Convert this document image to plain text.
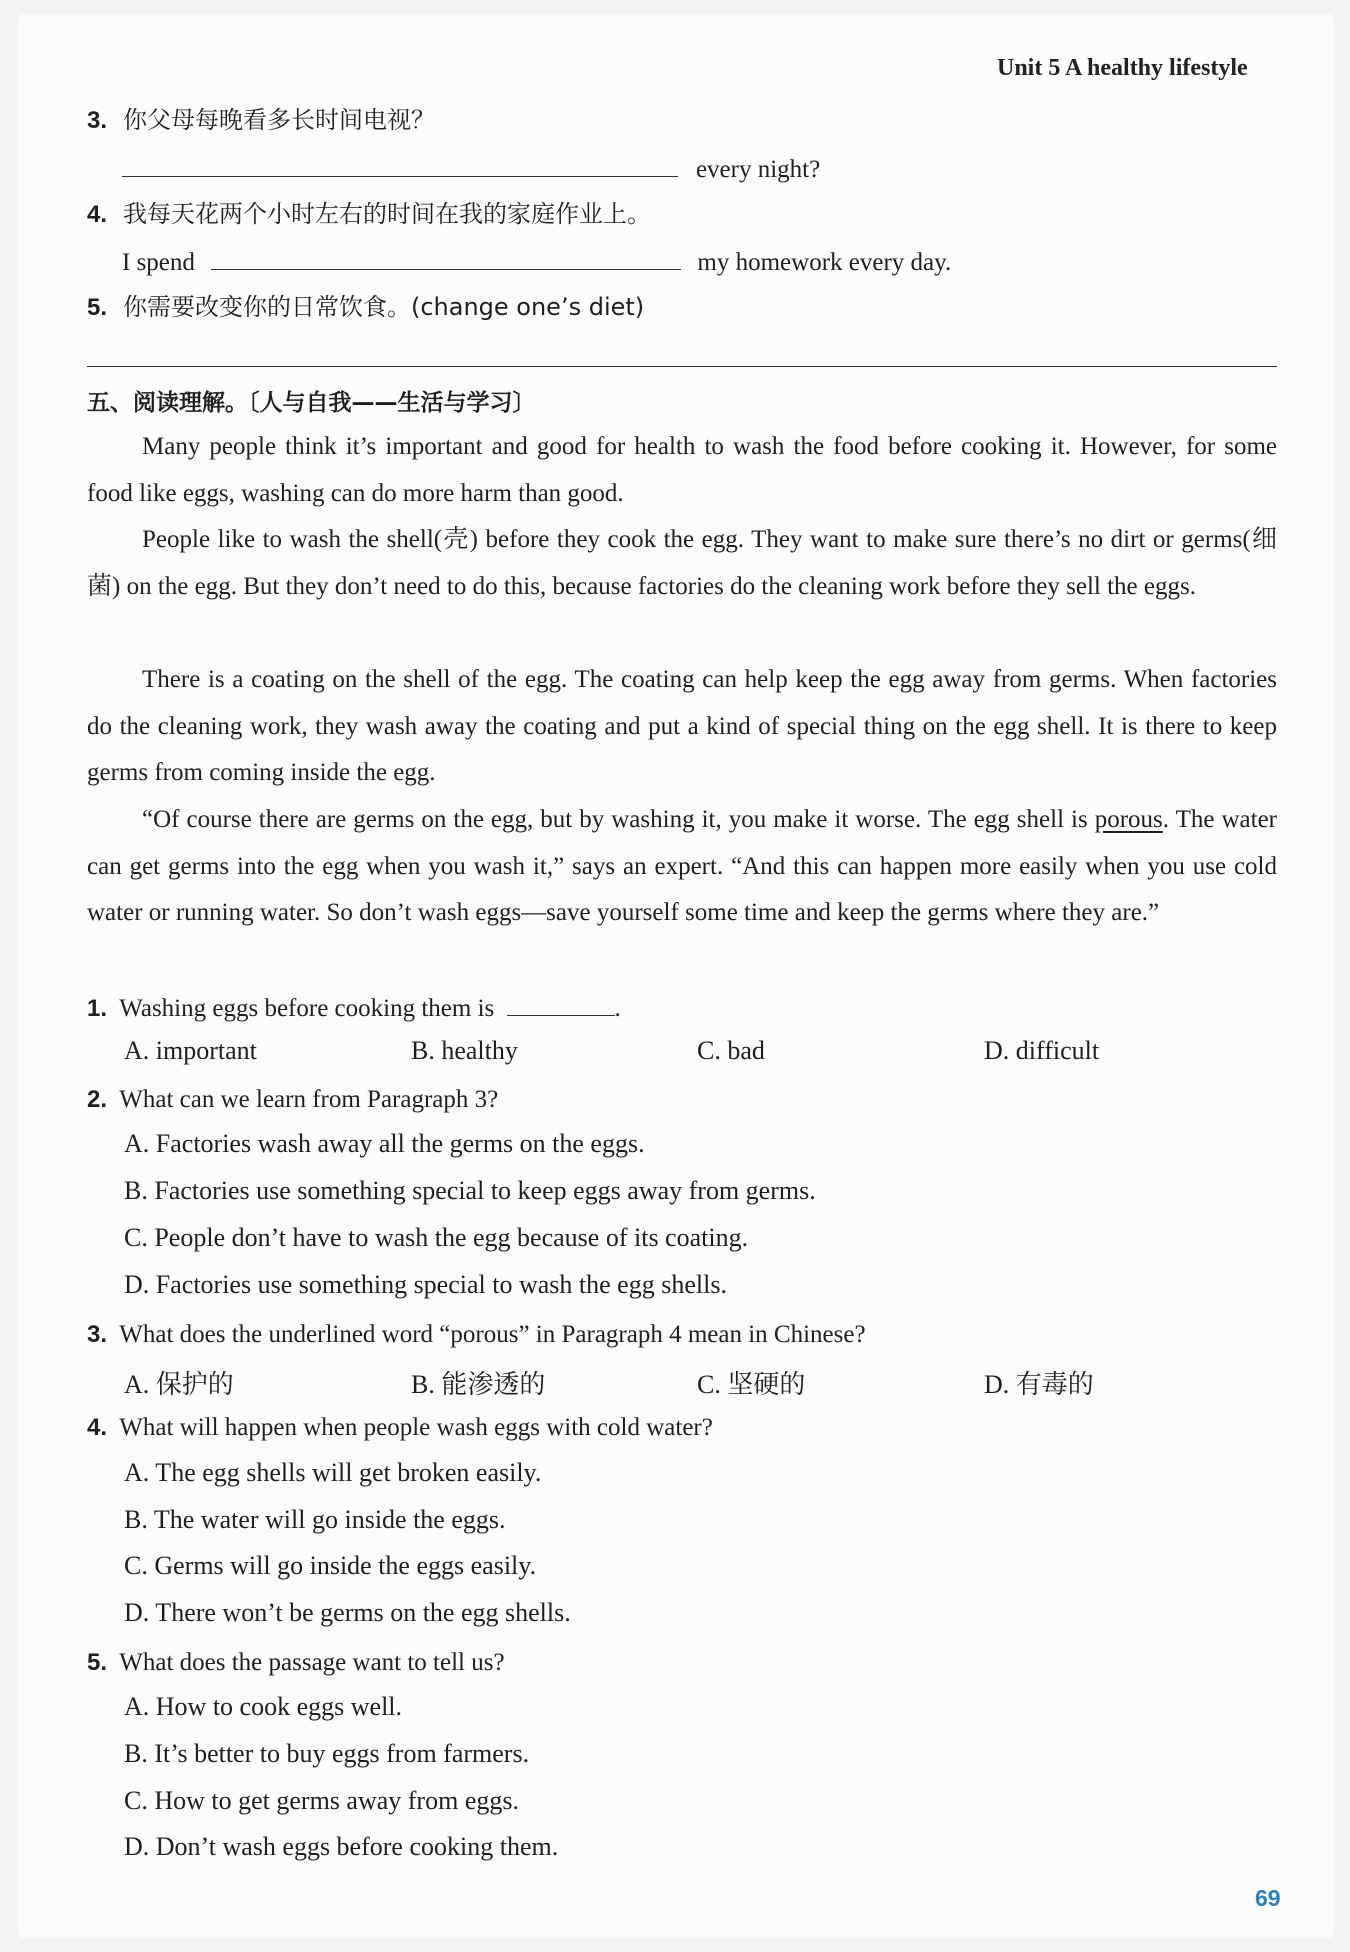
Unit 5 A healthy lifestyle
3. 你父母每晚看多长时间电视？
every night?
4. 我每天花两个小时左右的时间在我的家庭作业上。
I spend	my homework every day.
5. 你需要改变你的日常饮食。(change one’s diet)
五、阅读理解。〔人与自我——生活与学习〕
Many people think it’s important and good for health to wash the food before cooking it. However, for some food like eggs, washing can do more harm than good.
People like to wash the shell(壳) before they cook the egg. They want to make sure there’s no dirt or germs(细菌) on the egg. But they don’t need to do this, because factories do the cleaning work before they sell the eggs.
There is a coating on the shell of the egg. The coating can help keep the egg away from germs. When factories do the cleaning work, they wash away the coating and put a kind of special thing on the egg shell. It is there to keep germs from coming inside the egg.
“Of course there are germs on the egg, but by washing it, you make it worse. The egg shell is porous. The water can get germs into the egg when you wash it,” says an expert. “And this can happen more easily when you use cold water or running water. So don’t wash eggs—save yourself some time and keep the germs where they are.”
1. Washing eggs before cooking them is	.
A. important	B. healthy	C. bad	D. difficult
2. What can we learn from Paragraph 3?
A. Factories wash away all the germs on the eggs.
B. Factories use something special to keep eggs away from germs.
C. People don’t have to wash the egg because of its coating.
D. Factories use something special to wash the egg shells.
3. What does the underlined word “porous” in Paragraph 4 mean in Chinese?
A. 保护的	B. 能渗透的	C. 坚硬的	D. 有毒的
4. What will happen when people wash eggs with cold water?
A. The egg shells will get broken easily.
B. The water will go inside the eggs.
C. Germs will go inside the eggs easily.
D. There won’t be germs on the egg shells.
5. What does the passage want to tell us?
A. How to cook eggs well.
B. It’s better to buy eggs from farmers.
C. How to get germs away from eggs.
D. Don’t wash eggs before cooking them.
69
